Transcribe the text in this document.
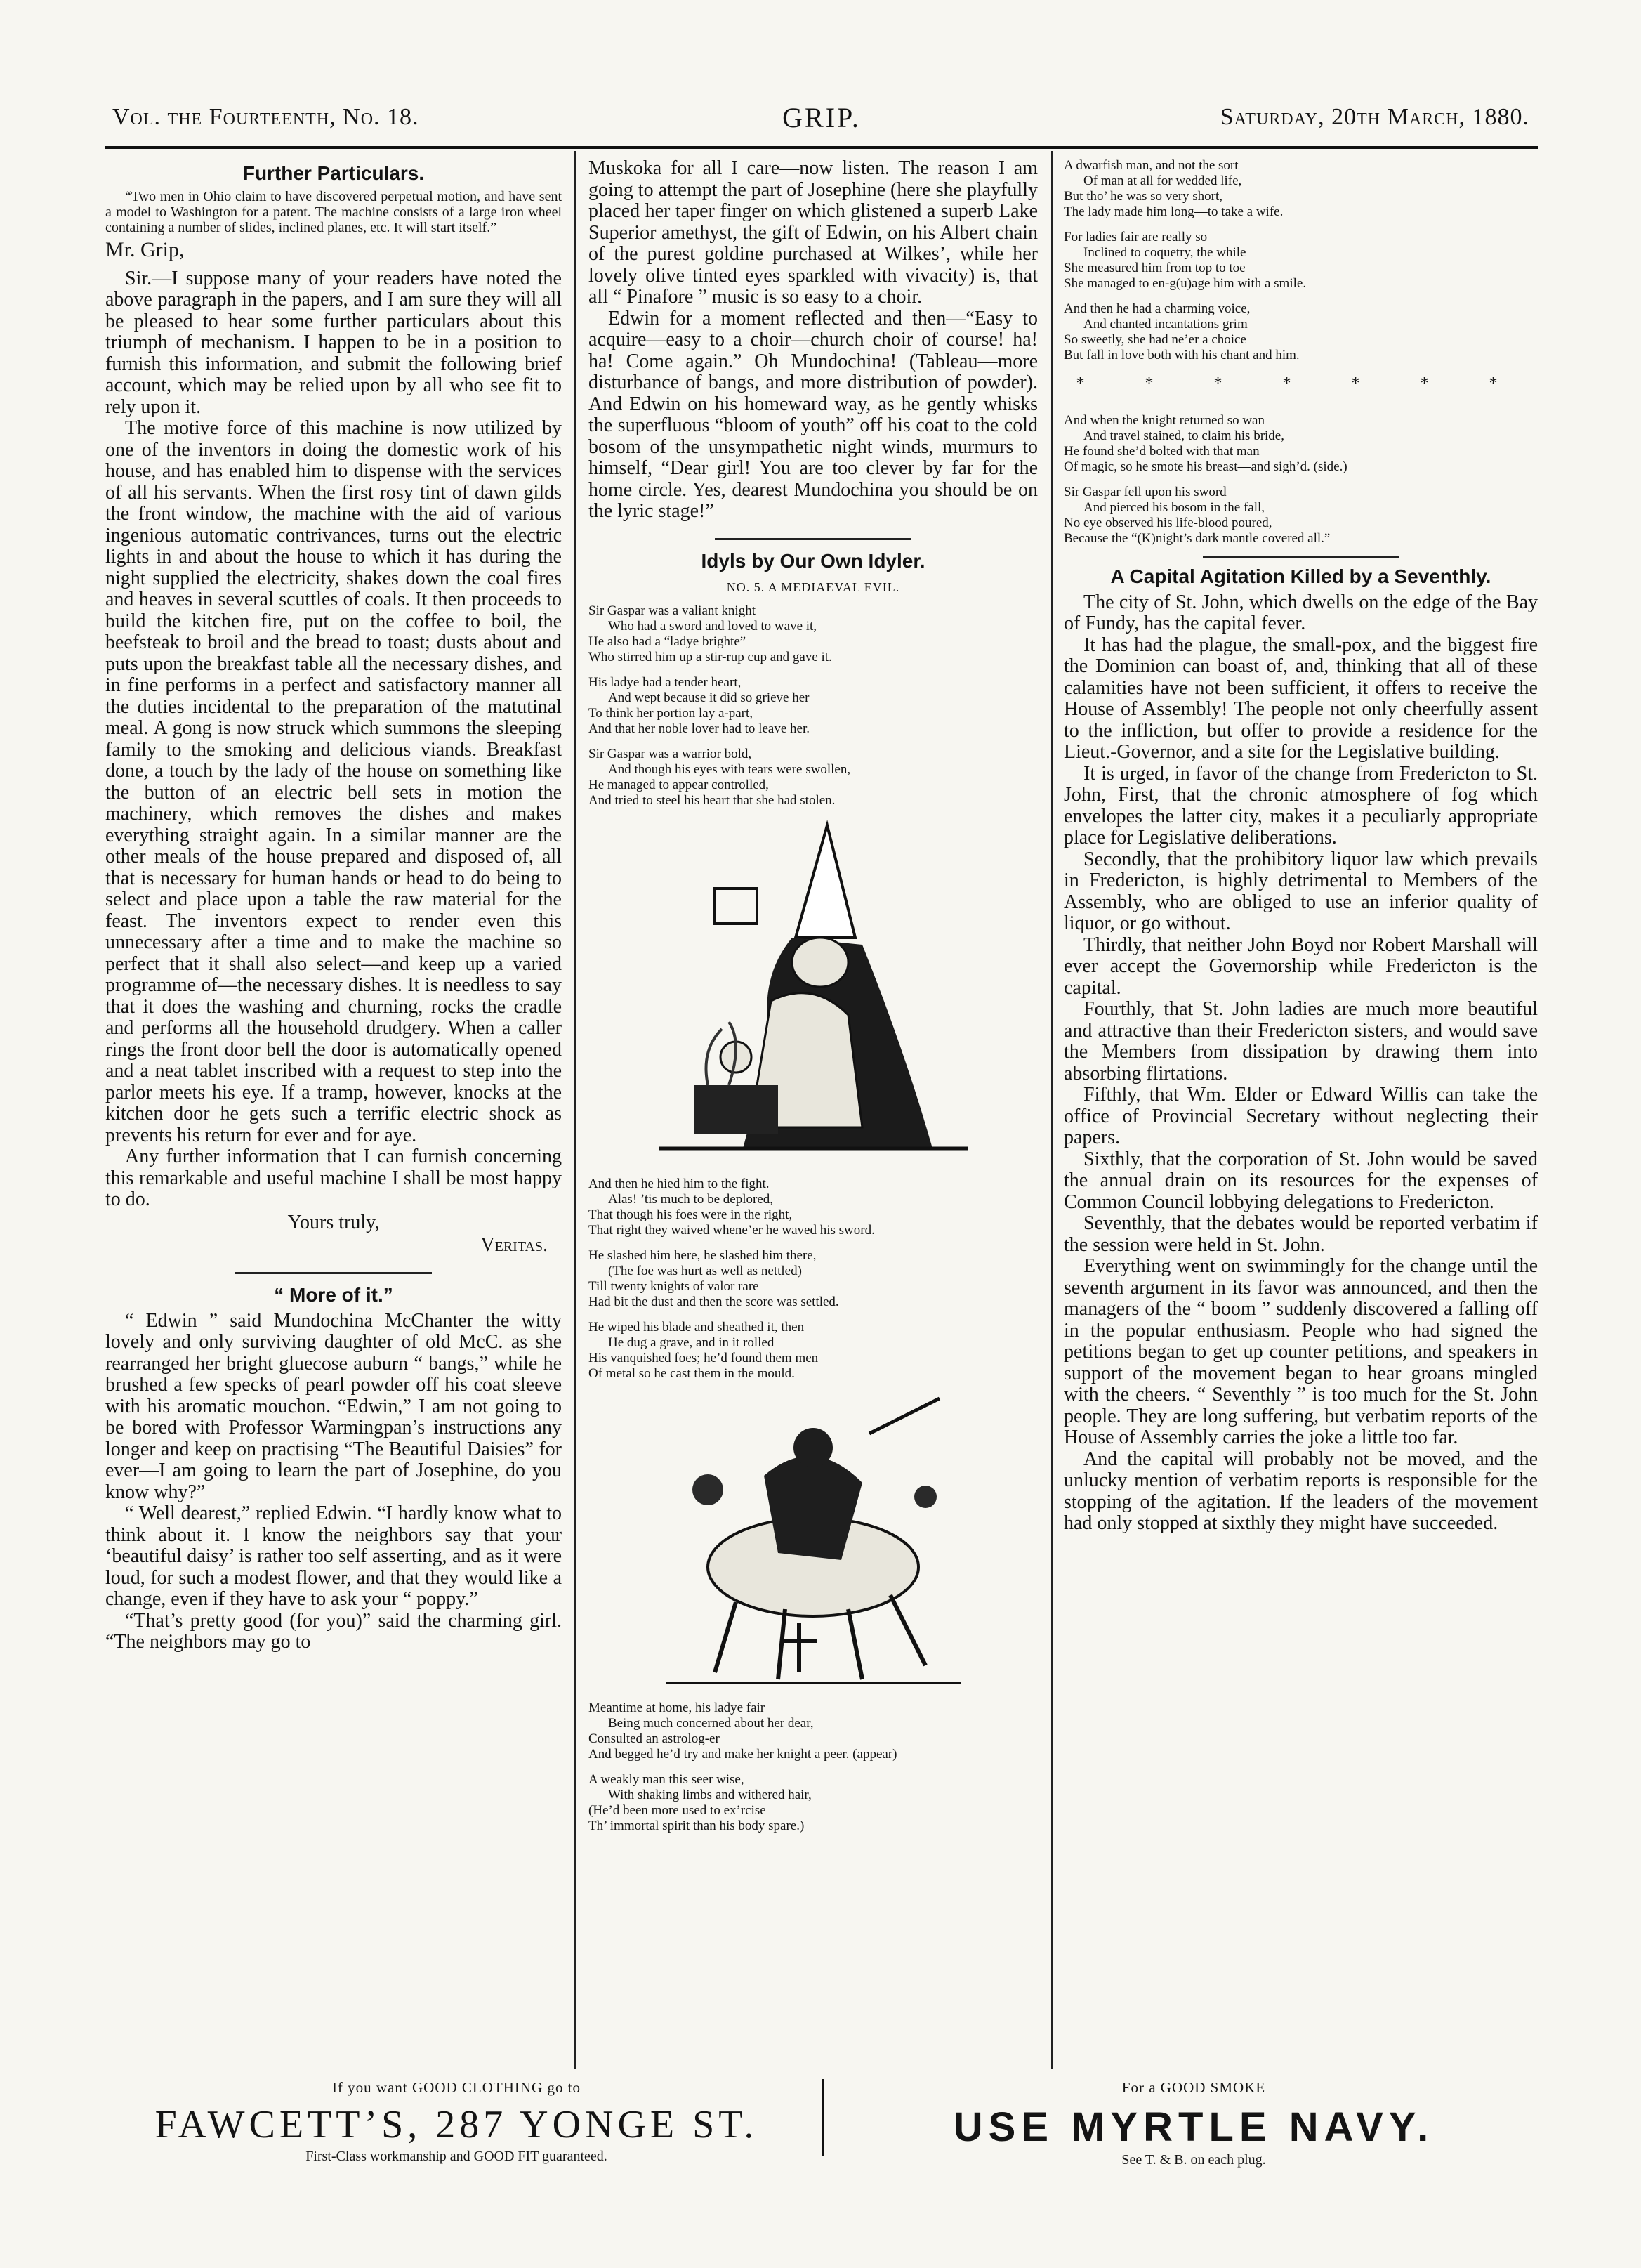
Vol. the Fourteenth, No. 18.	GRIP.	Saturday, 20th March, 1880.
Further Particulars.

“Two men in Ohio claim to have discovered perpetual motion, and have sent a model to Washington for a patent. The machine consists of a large iron wheel containing a number of slides, inclined planes, etc. It will start itself.”

Mr. Grip,

Sir.—I suppose many of your readers have noted the above paragraph in the papers, and I am sure they will all be pleased to hear some further particulars about this triumph of mechanism. I happen to be in a position to furnish this information, and submit the following brief account, which may be relied upon by all who see fit to rely upon it.

The motive force of this machine is now utilized by one of the inventors in doing the domestic work of his house, and has enabled him to dispense with the services of all his servants. When the first rosy tint of dawn gilds the front window, the machine with the aid of various ingenious automatic contrivances, turns out the electric lights in and about the house to which it has during the night supplied the electricity, shakes down the coal fires and heaves in several scuttles of coals. It then proceeds to build the kitchen fire, put on the coffee to boil, the beefsteak to broil and the bread to toast; dusts about and puts upon the breakfast table all the necessary dishes, and in fine performs in a perfect and satisfactory manner all the duties incidental to the preparation of the matutinal meal. A gong is now struck which summons the sleeping family to the smoking and delicious viands. Breakfast done, a touch by the lady of the house on something like the button of an electric bell sets in motion the machinery, which removes the dishes and makes everything straight again. In a similar manner are the other meals of the house prepared and disposed of, all that is necessary for human hands or head to do being to select and place upon a table the raw material for the feast. The inventors expect to render even this unnecessary after a time and to make the machine so perfect that it shall also select—and keep up a varied programme of—the necessary dishes. It is needless to say that it does the washing and churning, rocks the cradle and performs all the household drudgery. When a caller rings the front door bell the door is automatically opened and a neat tablet inscribed with a request to step into the parlor meets his eye. If a tramp, however, knocks at the kitchen door he gets such a terrific electric shock as prevents his return for ever and for aye.

Any further information that I can furnish concerning this remarkable and useful machine I shall be most happy to do.

Yours truly,
Veritas.
“ More of it.”

“ Edwin ” said Mundochina McChanter the witty lovely and only surviving daughter of old McC. as she rearranged her bright gluecose auburn “ bangs,” while he brushed a few specks of pearl powder off his coat sleeve with his aromatic mouchon. “Edwin,” I am not going to be bored with Professor Warmingpan’s instructions any longer and keep on practising “The Beautiful Daisies” for ever—I am going to learn the part of Josephine, do you know why?”

“ Well dearest,” replied Edwin. “I hardly know what to think about it. I know the neighbors say that your ‘beautiful daisy’ is rather too self asserting, and as it were loud, for such a modest flower, and that they would like a change, even if they have to ask your “ poppy.”

“That’s pretty good (for you)” said the charming girl. “The neighbors may go to

Muskoka for all I care—now listen. The reason I am going to attempt the part of Josephine (here she playfully placed her taper finger on which glistened a superb Lake Superior amethyst, the gift of Edwin, on his Albert chain of the purest goldine purchased at Wilkes’, while her lovely olive tinted eyes sparkled with vivacity) is, that all “ Pinafore ” music is so easy to a choir.

Edwin for a moment reflected and then—“Easy to acquire—easy to a choir—church choir of course! ha! ha! Come again.” Oh Mundochina! (Tableau—more disturbance of bangs, and more distribution of powder). And Edwin on his homeward way, as he gently whisks the superfluous “bloom of youth” off his coat to the cold bosom of the unsympathetic night winds, murmurs to himself, “Dear girl! You are too clever by far for the home circle. Yes, dearest Mundochina you should be on the lyric stage!”

Idyls by Our Own Idyler.
NO. 5. A MEDIAEVAL EVIL.
Sir Gaspar was a valiant knight
Who had a sword and loved to wave it,
He also had a “ladye brighte”
Who stirred him up a stir-rup cup and gave it.
His ladye had a tender heart,
And wept because it did so grieve her
To think her portion lay a-part,
And that her noble lover had to leave her.
Sir Gaspar was a warrior bold,
And though his eyes with tears were swollen,
He managed to appear controlled,
And tried to steel his heart that she had stolen.
And then he hied him to the fight.
Alas! ’tis much to be deplored,
That though his foes were in the right,
That right they waived whene’er he waved his sword.
He slashed him here, he slashed him there,
(The foe was hurt as well as nettled)
Till twenty knights of valor rare
Had bit the dust and then the score was settled.
He wiped his blade and sheathed it, then
He dug a grave, and in it rolled
His vanquished foes; he’d found them men
Of metal so he cast them in the mould.
Meantime at home, his ladye fair
Being much concerned about her dear,
Consulted an astrolog-er
And begged he’d try and make her knight a peer. (appear)
A weakly man this seer wise,
With shaking limbs and withered hair,
(He’d been more used to ex’rcise
Th’ immortal spirit than his body spare.)
A dwarfish man, and not the sort
Of man at all for wedded life,
But tho’ he was so very short,
The lady made him long—to take a wife.
For ladies fair are really so
Inclined to coquetry, the while
She measured him from top to toe
She managed to en-g(u)age him with a smile.
And then he had a charming voice,
And chanted incantations grim
So sweetly, she had ne’er a choice
But fall in love both with his chant and him.
* * * * * * *
And when the knight returned so wan
And travel stained, to claim his bride,
He found she’d bolted with that man
Of magic, so he smote his breast—and sigh’d. (side.)
Sir Gaspar fell upon his sword
And pierced his bosom in the fall,
No eye observed his life-blood poured,
Because the “(K)night’s dark mantle covered all.”
A Capital Agitation Killed by a Seventhly.

The city of St. John, which dwells on the edge of the Bay of Fundy, has the capital fever.

It has had the plague, the small-pox, and the biggest fire the Dominion can boast of, and, thinking that all of these calamities have not been sufficient, it offers to receive the House of Assembly! The people not only cheerfully assent to the infliction, but offer to provide a residence for the Lieut.-Governor, and a site for the Legislative building.

It is urged, in favor of the change from Fredericton to St. John, First, that the chronic atmosphere of fog which envelopes the latter city, makes it a peculiarly appropriate place for Legislative deliberations.

Secondly, that the prohibitory liquor law which prevails in Fredericton, is highly detrimental to Members of the Assembly, who are obliged to use an inferior quality of liquor, or go without.

Thirdly, that neither John Boyd nor Robert Marshall will ever accept the Governorship while Fredericton is the capital.

Fourthly, that St. John ladies are much more beautiful and attractive than their Fredericton sisters, and would save the Members from dissipation by drawing them into absorbing flirtations.

Fifthly, that Wm. Elder or Edward Willis can take the office of Provincial Secretary without neglecting their papers.

Sixthly, that the corporation of St. John would be saved the annual drain on its resources for the expenses of Common Council lobbying delegations to Fredericton.

Seventhly, that the debates would be reported verbatim if the session were held in St. John.

Everything went on swimmingly for the change until the seventh argument in its favor was announced, and then the managers of the “ boom ” suddenly discovered a falling off in the popular enthusiasm. People who had signed the petitions began to get up counter petitions, and speakers in support of the movement began to hear groans mingled with the cheers. “ Seventhly ” is too much for the St. John people. They are long suffering, but verbatim reports of the House of Assembly carries the joke a little too far.

And the capital will probably not be moved, and the unlucky mention of verbatim reports is responsible for the stopping of the agitation. If the leaders of the movement had only stopped at sixthly they might have succeeded.

If you want GOOD CLOTHING go to
FAWCETT’S, 287 YONGE ST.
First-Class workmanship and GOOD FIT guaranteed.
For a GOOD SMOKE
USE MYRTLE NAVY.
See T. & B. on each plug.
